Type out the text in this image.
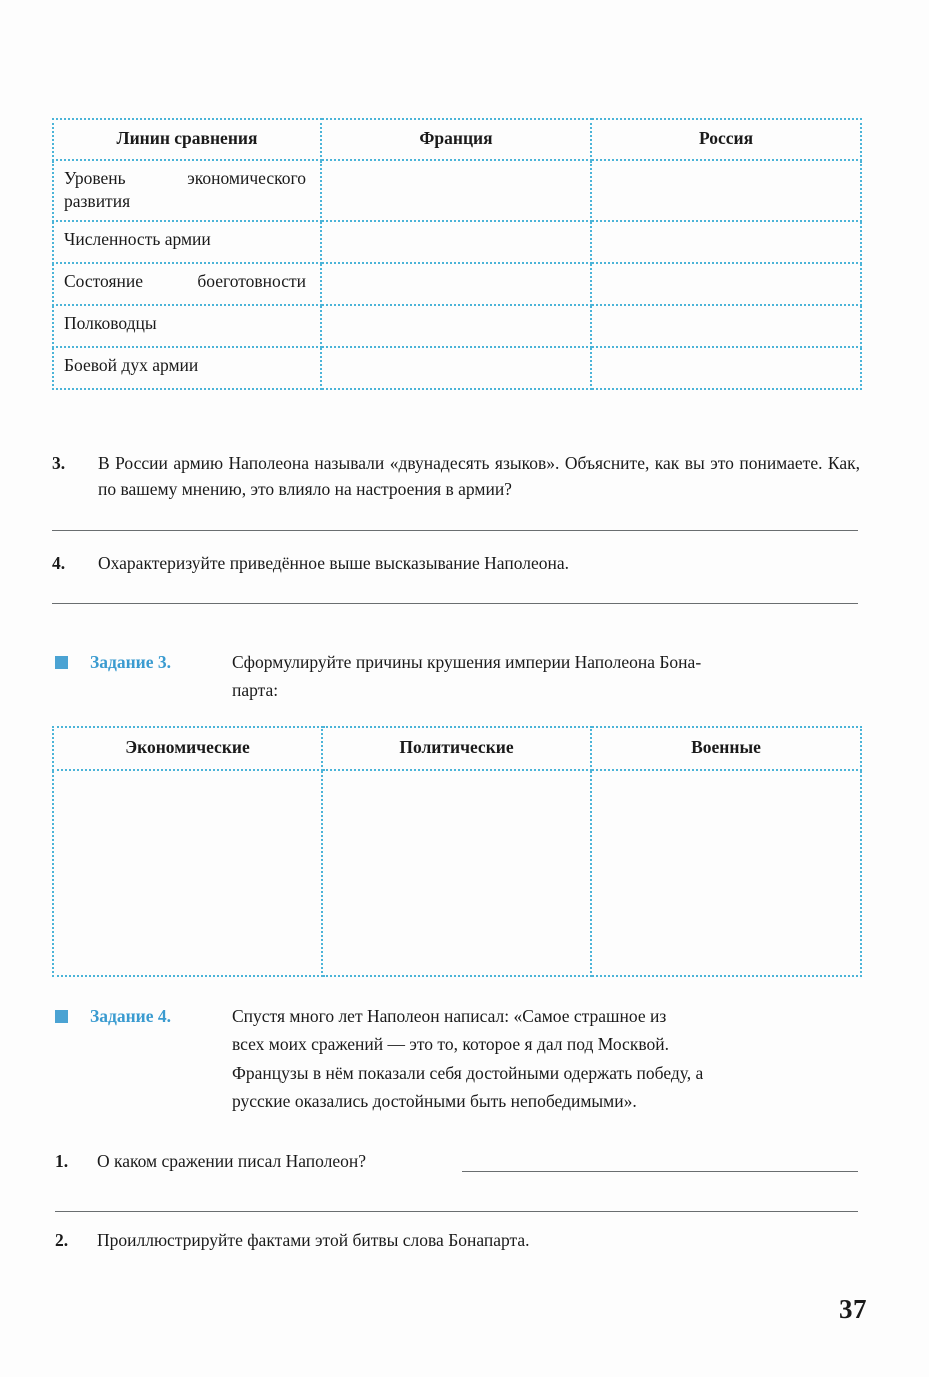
Линин сравнения	Франция	Россия
Уровень экономического развития		
Численность армии		
Состояние боеготовности		
Полководцы		
Боевой дух армии		
3. В России армию Наполеона называли «двунадесять языков». Объясните, как вы это понимаете. Как, по вашему мнению, это влияло на настроения в армии?
4. Охарактеризуйте приведённое выше высказывание Наполеона.
Задание 3.	Сформулируйте причины крушения империи Наполеона Бона-
парта:
Экономические	Политические	Военные

Задание 4.	Спустя много лет Наполеон написал: «Самое страшное из
всех моих сражений — это то, которое я дал под Москвой.
Французы в нём показали себя достойными одержать победу, а
русские оказались достойными быть непобедимыми».
1. О каком сражении писал Наполеон?
2. Проиллюстрируйте фактами этой битвы слова Бонапарта.
37
